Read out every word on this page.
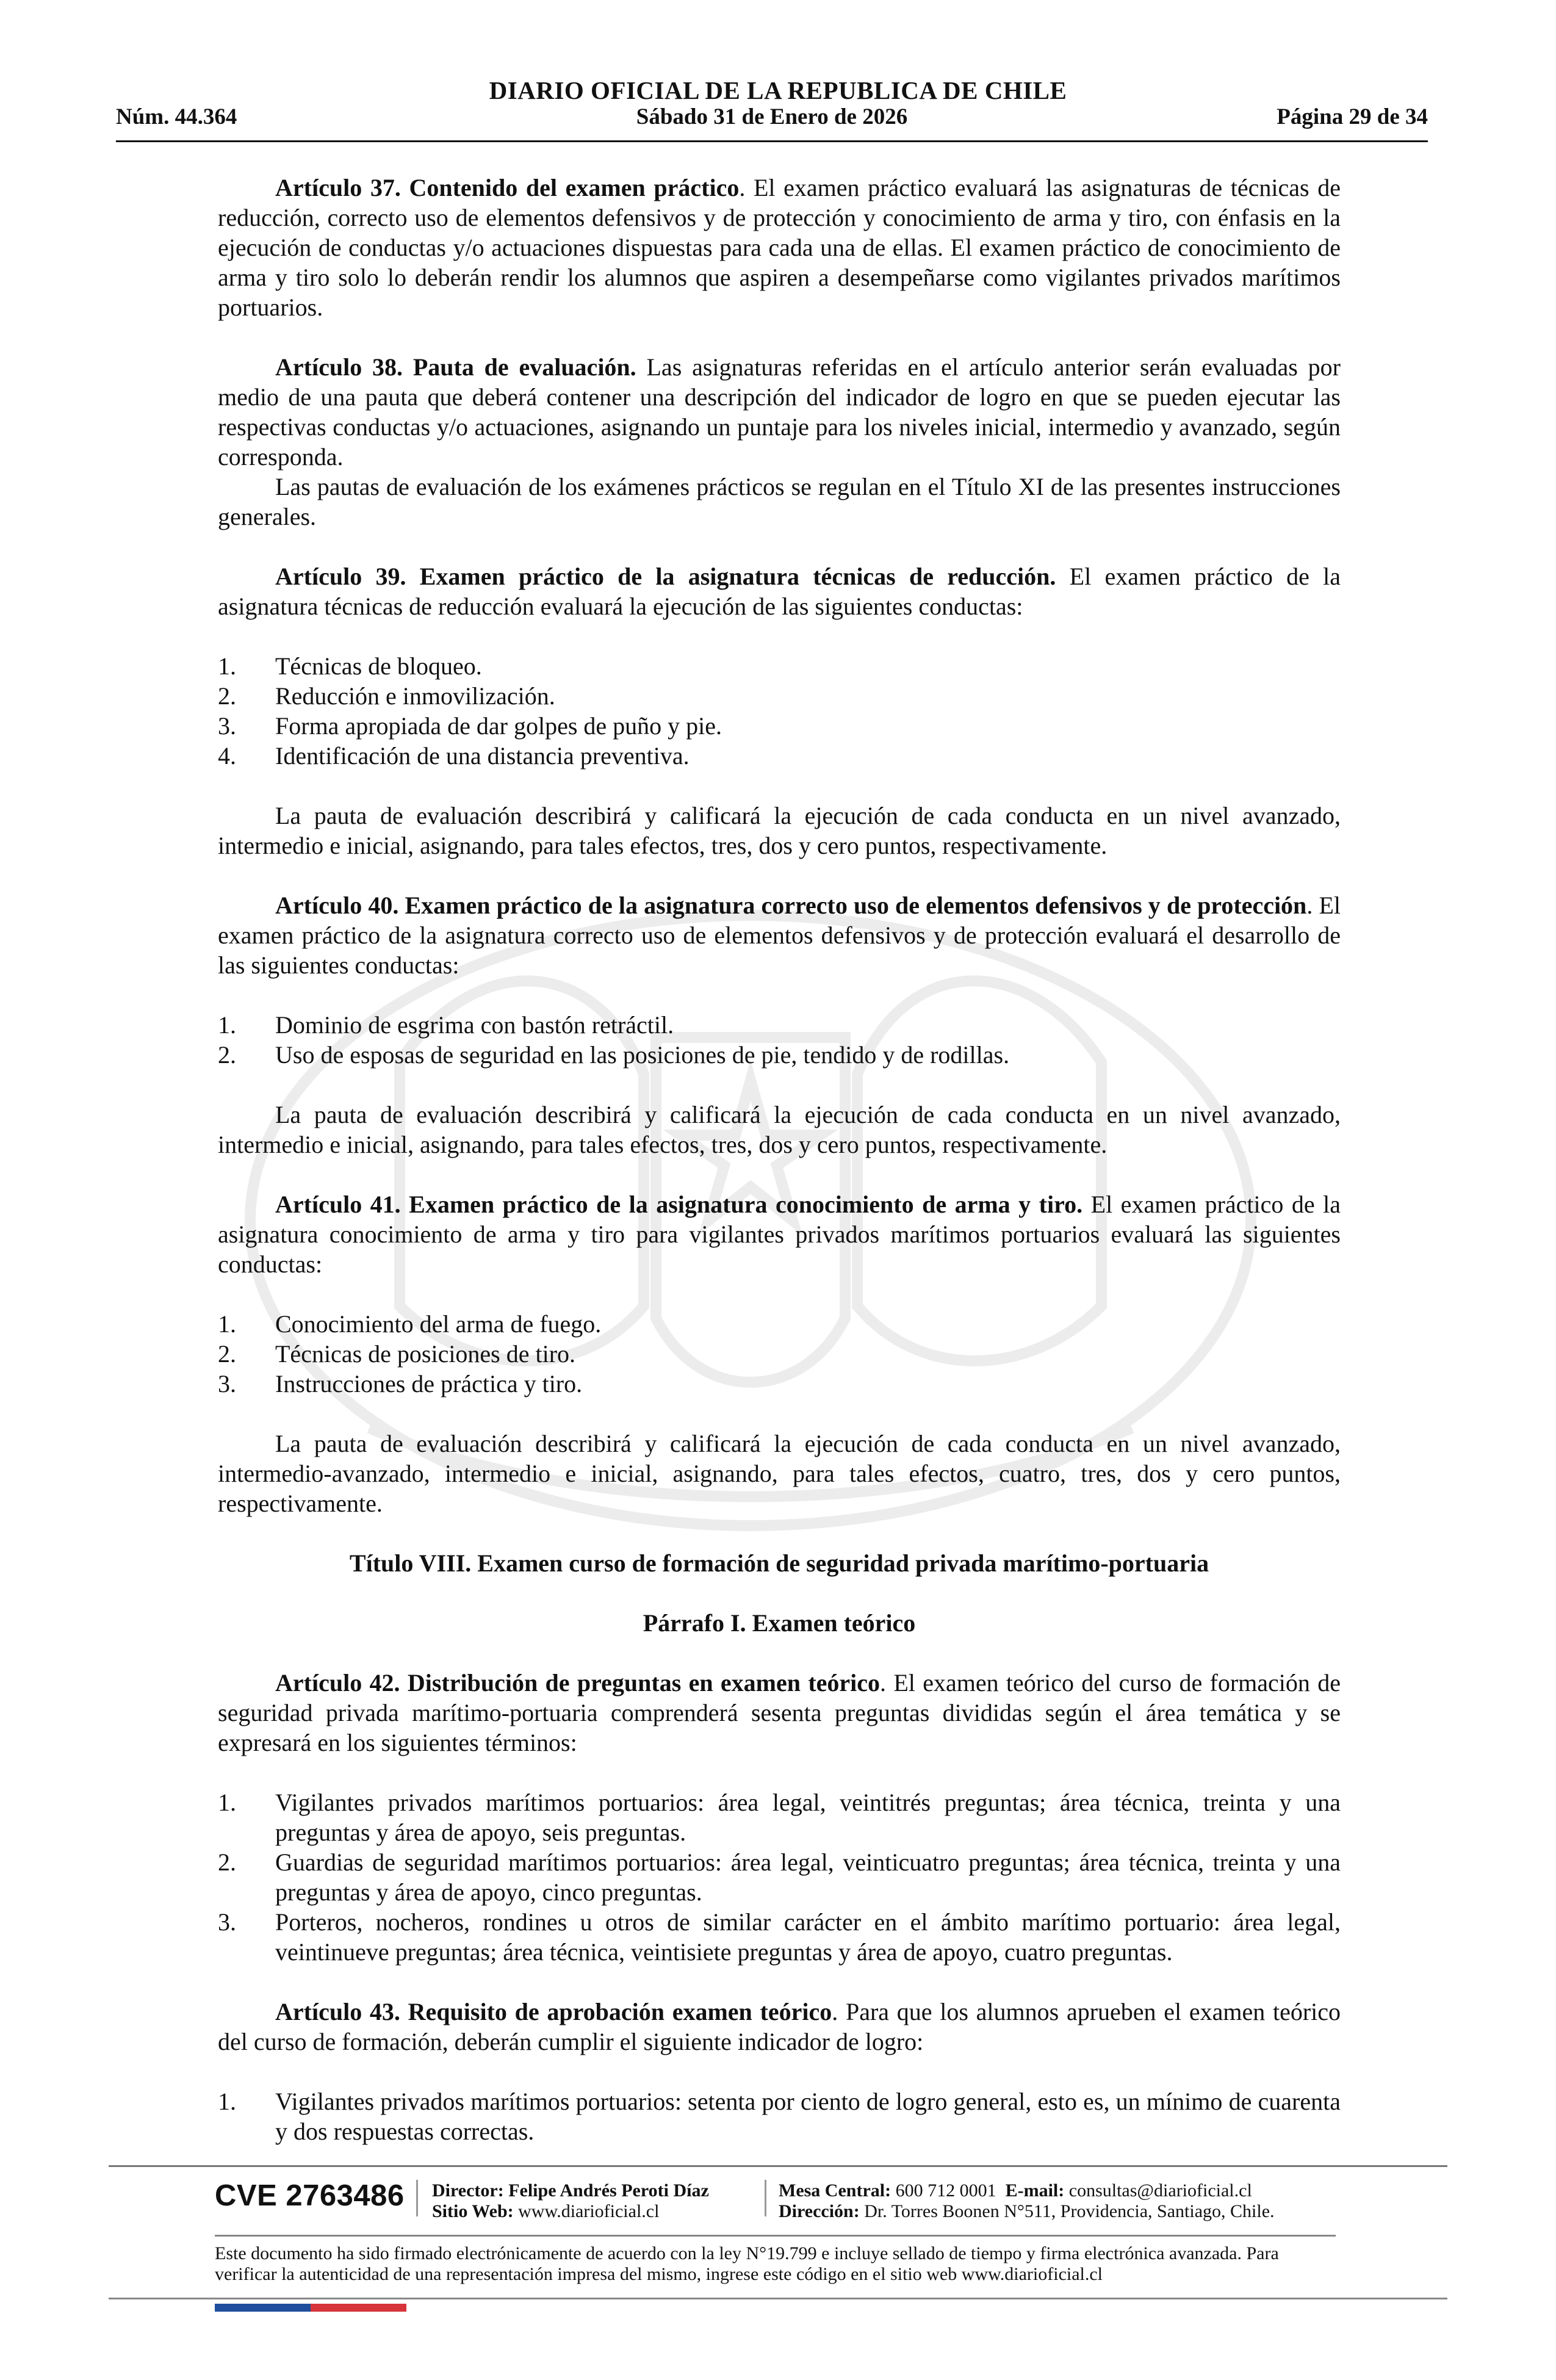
DIARIO OFICIAL DE LA REPUBLICA DE CHILE
Núm. 44.364	Sábado 31 de Enero de 2026	Página 29 de 34

Artículo 37. Contenido del examen práctico. El examen práctico evaluará las asignaturas de técnicas de reducción, correcto uso de elementos defensivos y de protección y conocimiento de arma y tiro, con énfasis en la ejecución de conductas y/o actuaciones dispuestas para cada una de ellas. El examen práctico de conocimiento de arma y tiro solo lo deberán rendir los alumnos que aspiren a desempeñarse como vigilantes privados marítimos portuarios.

Artículo 38. Pauta de evaluación. Las asignaturas referidas en el artículo anterior serán evaluadas por medio de una pauta que deberá contener una descripción del indicador de logro en que se pueden ejecutar las respectivas conductas y/o actuaciones, asignando un puntaje para los niveles inicial, intermedio y avanzado, según corresponda.

Las pautas de evaluación de los exámenes prácticos se regulan en el Título XI de las presentes instrucciones generales.

Artículo 39. Examen práctico de la asignatura técnicas de reducción. El examen práctico de la asignatura técnicas de reducción evaluará la ejecución de las siguientes conductas:

1. Técnicas de bloqueo.
2. Reducción e inmovilización.
3. Forma apropiada de dar golpes de puño y pie.
4. Identificación de una distancia preventiva.

La pauta de evaluación describirá y calificará la ejecución de cada conducta en un nivel avanzado, intermedio e inicial, asignando, para tales efectos, tres, dos y cero puntos, respectivamente.

Artículo 40. Examen práctico de la asignatura correcto uso de elementos defensivos y de protección. El examen práctico de la asignatura correcto uso de elementos defensivos y de protección evaluará el desarrollo de las siguientes conductas:

1. Dominio de esgrima con bastón retráctil.
2. Uso de esposas de seguridad en las posiciones de pie, tendido y de rodillas.

La pauta de evaluación describirá y calificará la ejecución de cada conducta en un nivel avanzado, intermedio e inicial, asignando, para tales efectos, tres, dos y cero puntos, respectivamente.

Artículo 41. Examen práctico de la asignatura conocimiento de arma y tiro. El examen práctico de la asignatura conocimiento de arma y tiro para vigilantes privados marítimos portuarios evaluará las siguientes conductas:

1. Conocimiento del arma de fuego.
2. Técnicas de posiciones de tiro.
3. Instrucciones de práctica y tiro.

La pauta de evaluación describirá y calificará la ejecución de cada conducta en un nivel avanzado, intermedio-avanzado, intermedio e inicial, asignando, para tales efectos, cuatro, tres, dos y cero puntos, respectivamente.

Título VIII. Examen curso de formación de seguridad privada marítimo-portuaria

Párrafo I. Examen teórico

Artículo 42. Distribución de preguntas en examen teórico. El examen teórico del curso de formación de seguridad privada marítimo-portuaria comprenderá sesenta preguntas divididas según el área temática y se expresará en los siguientes términos:

1. Vigilantes privados marítimos portuarios: área legal, veintitrés preguntas; área técnica, treinta y una preguntas y área de apoyo, seis preguntas.
2. Guardias de seguridad marítimos portuarios: área legal, veinticuatro preguntas; área técnica, treinta y una preguntas y área de apoyo, cinco preguntas.
3. Porteros, nocheros, rondines u otros de similar carácter en el ámbito marítimo portuario: área legal, veintinueve preguntas; área técnica, veintisiete preguntas y área de apoyo, cuatro preguntas.

Artículo 43. Requisito de aprobación examen teórico. Para que los alumnos aprueben el examen teórico del curso de formación, deberán cumplir el siguiente indicador de logro:

1. Vigilantes privados marítimos portuarios: setenta por ciento de logro general, esto es, un mínimo de cuarenta y dos respuestas correctas.
CVE 2763486 Director: Felipe Andrés Peroti Díaz
Sitio Web: www.diarioficial.cl
Mesa Central: 600 712 0001 E-mail: consultas@diarioficial.cl
Dirección: Dr. Torres Boonen N°511, Providencia, Santiago, Chile.
Este documento ha sido firmado electrónicamente de acuerdo con la ley N°19.799 e incluye sellado de tiempo y firma electrónica avanzada. Para verificar la autenticidad de una representación impresa del mismo, ingrese este código en el sitio web www.diarioficial.cl
